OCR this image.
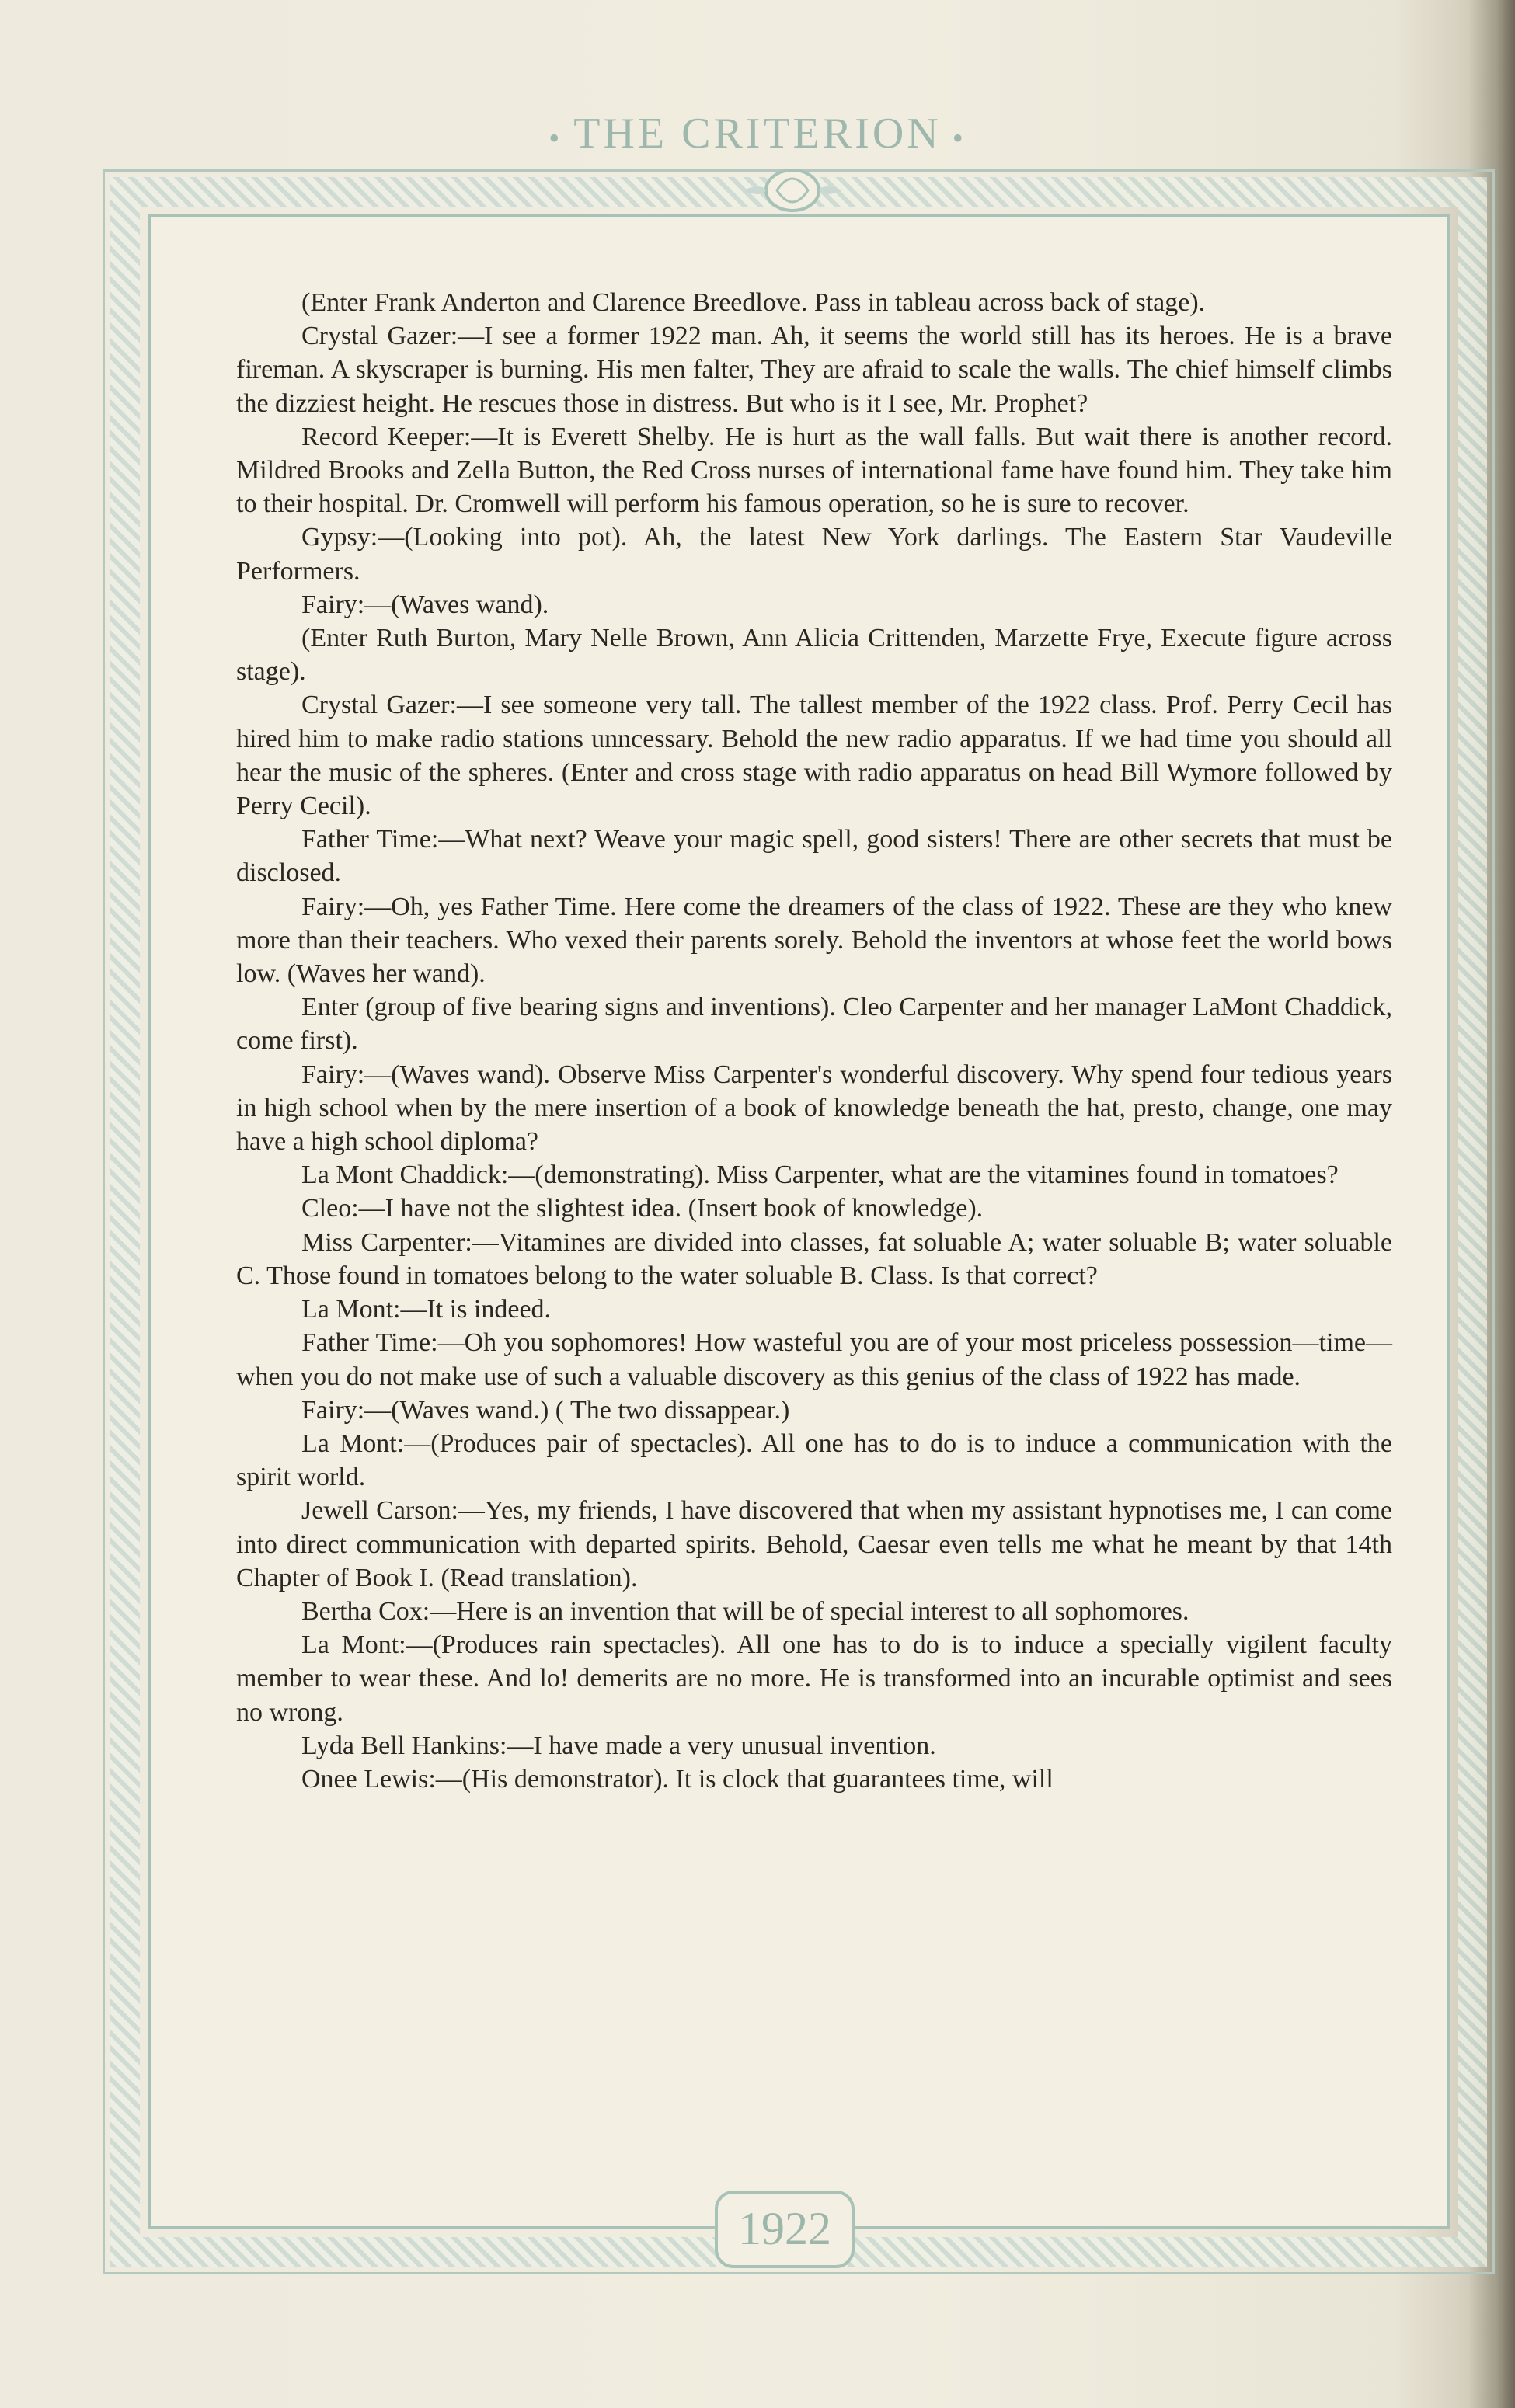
• THE CRITERION •

(Enter Frank Anderton and Clarence Breedlove. Pass in tableau across back of stage).

Crystal Gazer:—I see a former 1922 man. Ah, it seems the world still has its heroes. He is a brave fireman. A skyscraper is burning. His men falter, They are afraid to scale the walls. The chief himself climbs the dizziest height. He rescues those in distress. But who is it I see, Mr. Prophet?

Record Keeper:—It is Everett Shelby. He is hurt as the wall falls. But wait there is another record. Mildred Brooks and Zella Button, the Red Cross nurses of international fame have found him. They take him to their hospital. Dr. Cromwell will perform his famous operation, so he is sure to recover.

Gypsy:—(Looking into pot). Ah, the latest New York darlings. The Eastern Star Vaudeville Performers.

Fairy:—(Waves wand).

(Enter Ruth Burton, Mary Nelle Brown, Ann Alicia Crittenden, Marzette Frye, Execute figure across stage).

Crystal Gazer:—I see someone very tall. The tallest member of the 1922 class. Prof. Perry Cecil has hired him to make radio stations unncessary. Behold the new radio apparatus. If we had time you should all hear the music of the spheres. (Enter and cross stage with radio apparatus on head Bill Wymore followed by Perry Cecil).

Father Time:—What next? Weave your magic spell, good sisters! There are other secrets that must be disclosed.

Fairy:—Oh, yes Father Time. Here come the dreamers of the class of 1922. These are they who knew more than their teachers. Who vexed their parents sorely. Behold the inventors at whose feet the world bows low. (Waves her wand).

Enter (group of five bearing signs and inventions). Cleo Carpenter and her manager LaMont Chaddick, come first).

Fairy:—(Waves wand). Observe Miss Carpenter's wonderful discovery. Why spend four tedious years in high school when by the mere insertion of a book of knowledge beneath the hat, presto, change, one may have a high school diploma?

La Mont Chaddick:—(demonstrating). Miss Carpenter, what are the vitamines found in tomatoes?

Cleo:—I have not the slightest idea. (Insert book of knowledge).

Miss Carpenter:—Vitamines are divided into classes, fat soluable A; water soluable B; water soluable C. Those found in tomatoes belong to the water soluable B. Class. Is that correct?

La Mont:—It is indeed.

Father Time:—Oh you sophomores! How wasteful you are of your most priceless possession—time—when you do not make use of such a valuable discovery as this genius of the class of 1922 has made.

Fairy:—(Waves wand.) ( The two dissappear.)

La Mont:—(Produces pair of spectacles). All one has to do is to induce a communication with the spirit world.

Jewell Carson:—Yes, my friends, I have discovered that when my assistant hypnotises me, I can come into direct communication with departed spirits. Behold, Caesar even tells me what he meant by that 14th Chapter of Book I. (Read translation).

Bertha Cox:—Here is an invention that will be of special interest to all sophomores.

La Mont:—(Produces rain spectacles). All one has to do is to induce a specially vigilent faculty member to wear these. And lo! demerits are no more. He is transformed into an incurable optimist and sees no wrong.

Lyda Bell Hankins:—I have made a very unusual invention.

Onee Lewis:—(His demonstrator). It is clock that guarantees time, will

1922
